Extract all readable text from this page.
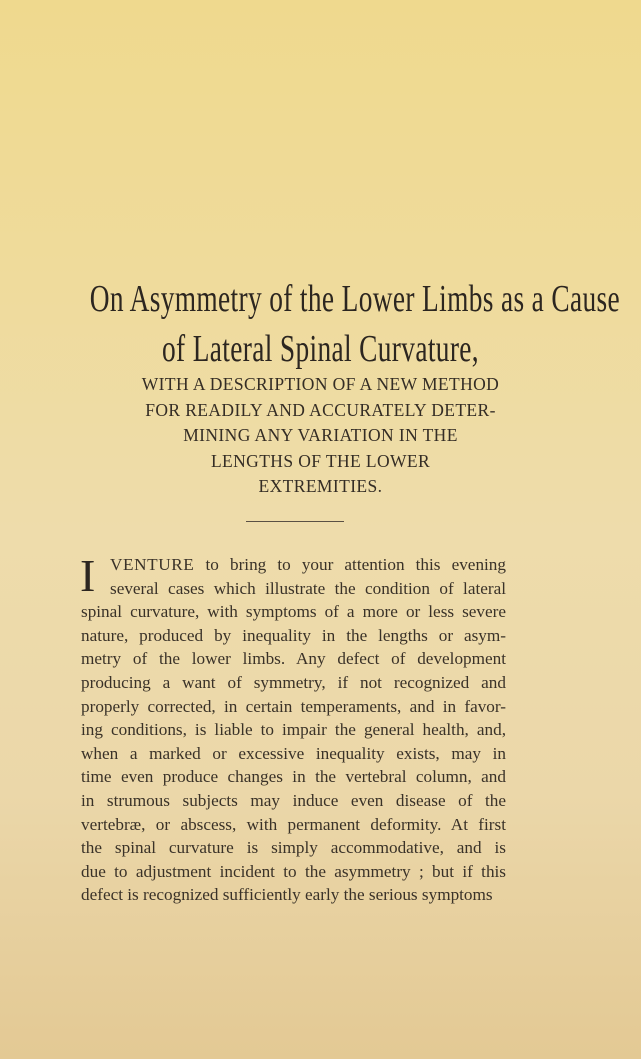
On Asymmetry of the Lower Limbs as a Cause
of Lateral Spinal Curvature,
WITH A DESCRIPTION OF A NEW METHOD
FOR READILY AND ACCURATELY DETER-
MINING ANY VARIATION IN THE
LENGTHS OF THE LOWER
EXTREMITIES.
I VENTURE to bring to your attention this evening
several cases which illustrate the condition of lateral
spinal curvature, with symptoms of a more or less severe
nature, produced by inequality in the lengths or asym-
metry of the lower limbs. Any defect of development
producing a want of symmetry, if not recognized and
properly corrected, in certain temperaments, and in favor-
ing conditions, is liable to impair the general health, and,
when a marked or excessive inequality exists, may in
time even produce changes in the vertebral column, and
in strumous subjects may induce even disease of the
vertebræ, or abscess, with permanent deformity. At first
the spinal curvature is simply accommodative, and is
due to adjustment incident to the asymmetry ; but if this
defect is recognized sufficiently early the serious symptoms
